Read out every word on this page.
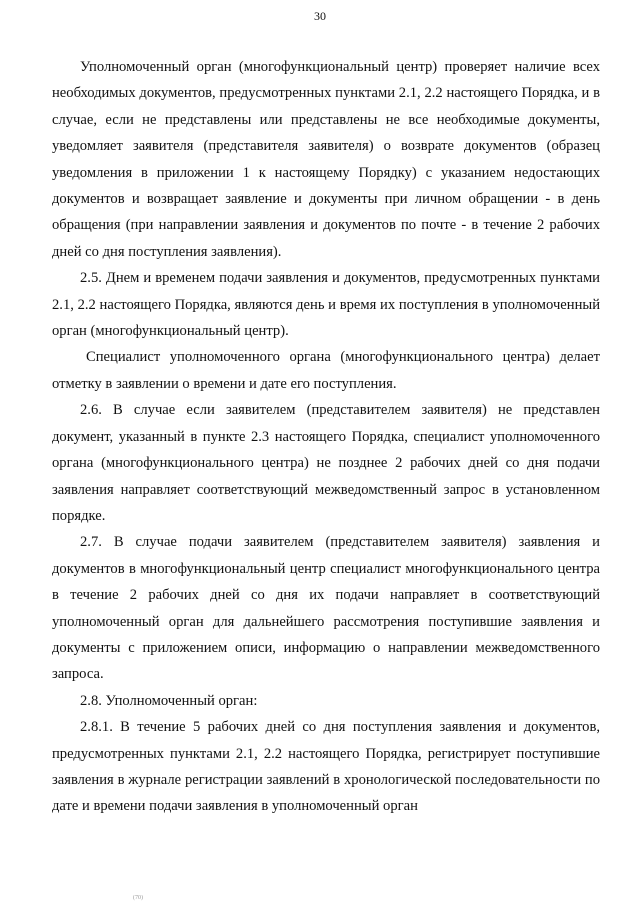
30

Уполномоченный орган (многофункциональный центр) проверяет наличие всех необходимых документов, предусмотренных пунктами 2.1, 2.2 настоящего Порядка, и в случае, если не представлены или представлены не все необходимые документы, уведомляет заявителя (представителя заявителя) о возврате документов (образец уведомления в приложении 1 к настоящему Порядку) с указанием недостающих документов и возвращает заявление и документы при личном обращении - в день обращения (при направлении заявления и документов по почте - в течение 2 рабочих дней со дня поступления заявления).

2.5. Днем и временем подачи заявления и документов, предусмотренных пунктами 2.1, 2.2 настоящего Порядка, являются день и время их поступления в уполномоченный орган (многофункциональный центр).

Специалист уполномоченного органа (многофункционального центра) делает отметку в заявлении о времени и дате его поступления.

2.6. В случае если заявителем (представителем заявителя) не представлен документ, указанный в пункте 2.3 настоящего Порядка, специалист уполномоченного органа (многофункционального центра) не позднее 2 рабочих дней со дня подачи заявления направляет соответствующий межведомственный запрос в установленном порядке.

2.7. В случае подачи заявителем (представителем заявителя) заявления и документов в многофункциональный центр специалист многофункционального центра в течение 2 рабочих дней со дня их подачи направляет в соответствующий уполномоченный орган для дальнейшего рассмотрения поступившие заявления и документы с приложением описи, информацию о направлении межведомственного запроса.

2.8. Уполномоченный орган:

2.8.1. В течение 5 рабочих дней со дня поступления заявления и документов, предусмотренных пунктами 2.1, 2.2 настоящего Порядка, регистрирует поступившие заявления в журнале регистрации заявлений в хронологической последовательности по дате и времени подачи заявления в уполномоченный орган

(70)
